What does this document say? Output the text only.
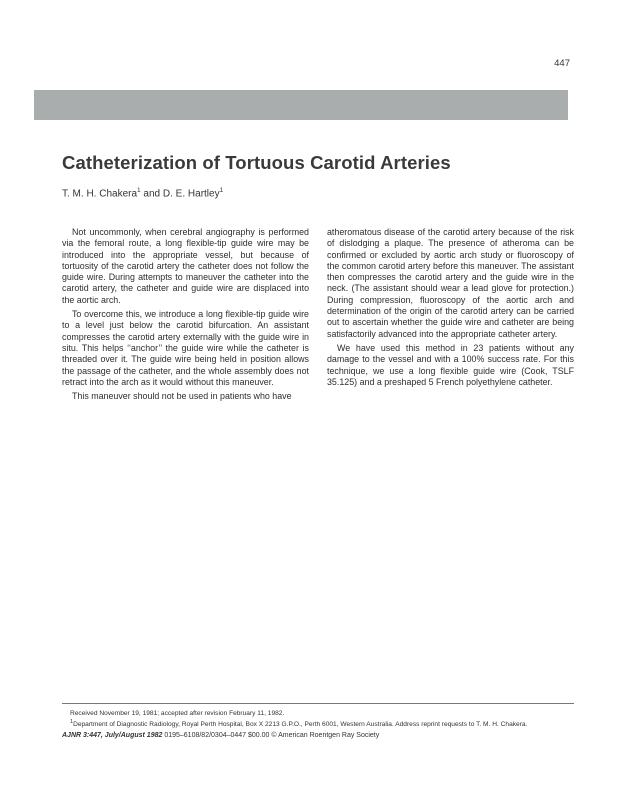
447
Catheterization of Tortuous Carotid Arteries
T. M. H. Chakera$^1$ and D. E. Hartley$^1$

Not uncommonly, when cerebral angiography is performed via the femoral route, a long flexible-tip guide wire may be introduced into the appropriate vessel, but because of tortuosity of the carotid artery the catheter does not follow the guide wire. During attempts to maneuver the catheter into the carotid artery, the catheter and guide wire are displaced into the aortic arch.

To overcome this, we introduce a long flexible-tip guide wire to a level just below the carotid bifurcation. An assistant compresses the carotid artery externally with the guide wire in situ. This helps ‘‘anchor’’ the guide wire while the catheter is threaded over it. The guide wire being held in position allows the passage of the catheter, and the whole assembly does not retract into the arch as it would without this maneuver.

This maneuver should not be used in patients who have

atheromatous disease of the carotid artery because of the risk of dislodging a plaque. The presence of atheroma can be confirmed or excluded by aortic arch study or fluoroscopy of the common carotid artery before this maneuver. The assistant then compresses the carotid artery and the guide wire in the neck. (The assistant should wear a lead glove for protection.) During compression, fluoroscopy of the aortic arch and determination of the origin of the carotid artery can be carried out to ascertain whether the guide wire and catheter are being satisfactorily advanced into the appropriate catheter artery.

We have used this method in 23 patients without any damage to the vessel and with a 100% success rate. For this technique, we use a long flexible guide wire (Cook, TSLF 35.125) and a preshaped 5 French polyethylene catheter.

Received November 19, 1981; accepted after revision February 11, 1982.

$^1$Department of Diagnostic Radiology, Royal Perth Hospital, Box X 2213 G.P.O., Perth 6001, Western Australia. Address reprint requests to T. M. H. Chakera.

AJNR 3:447, July/August 1982 0195–6108/82/0304–0447 $00.00 © American Roentgen Ray Society
